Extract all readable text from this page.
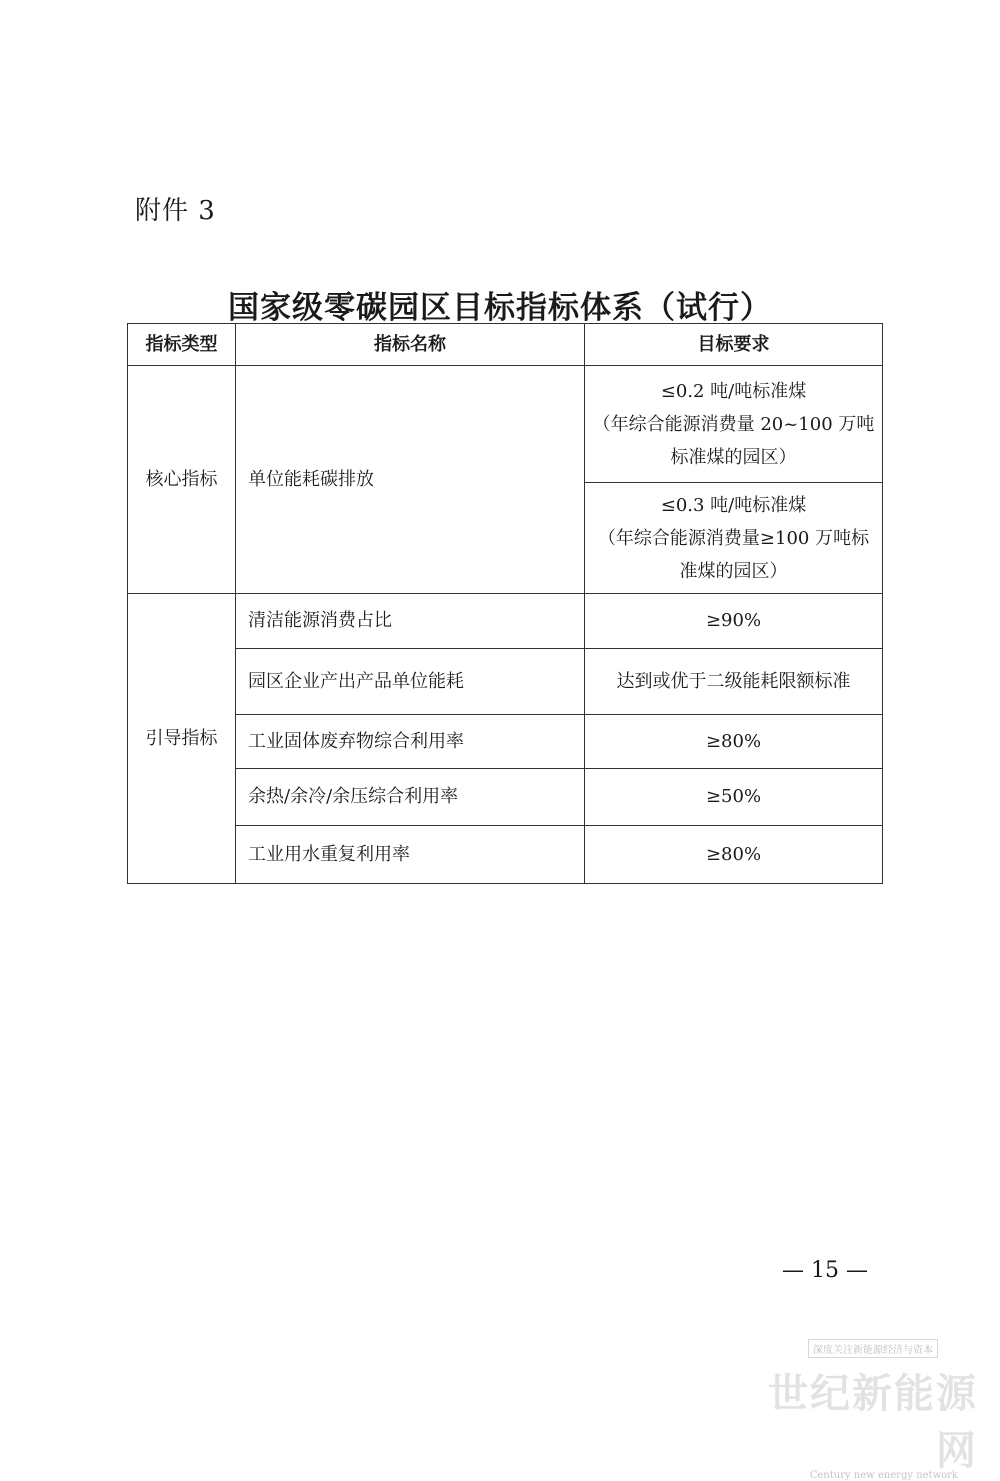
附件 3
国家级零碳园区目标指标体系（试行）
指标类型	指标名称	目标要求
核心指标	单位能耗碳排放	≤0.2 吨/吨标准煤
（年综合能源消费量 20~100 万吨
标准煤的园区）

		≤0.3 吨/吨标准煤
（年综合能源消费量≥100 万吨标
准煤的园区）

引导指标	清洁能源消费占比	≥90%
	园区企业产出产品单位能耗	达到或优于二级能耗限额标准
	工业固体废弃物综合利用率	≥80%
	余热/余冷/余压综合利用率	≥50%
	工业用水重复利用率	≥80%
— 15 —
深度关注新能源经济与资本
世纪新能源网
Century new energy network
